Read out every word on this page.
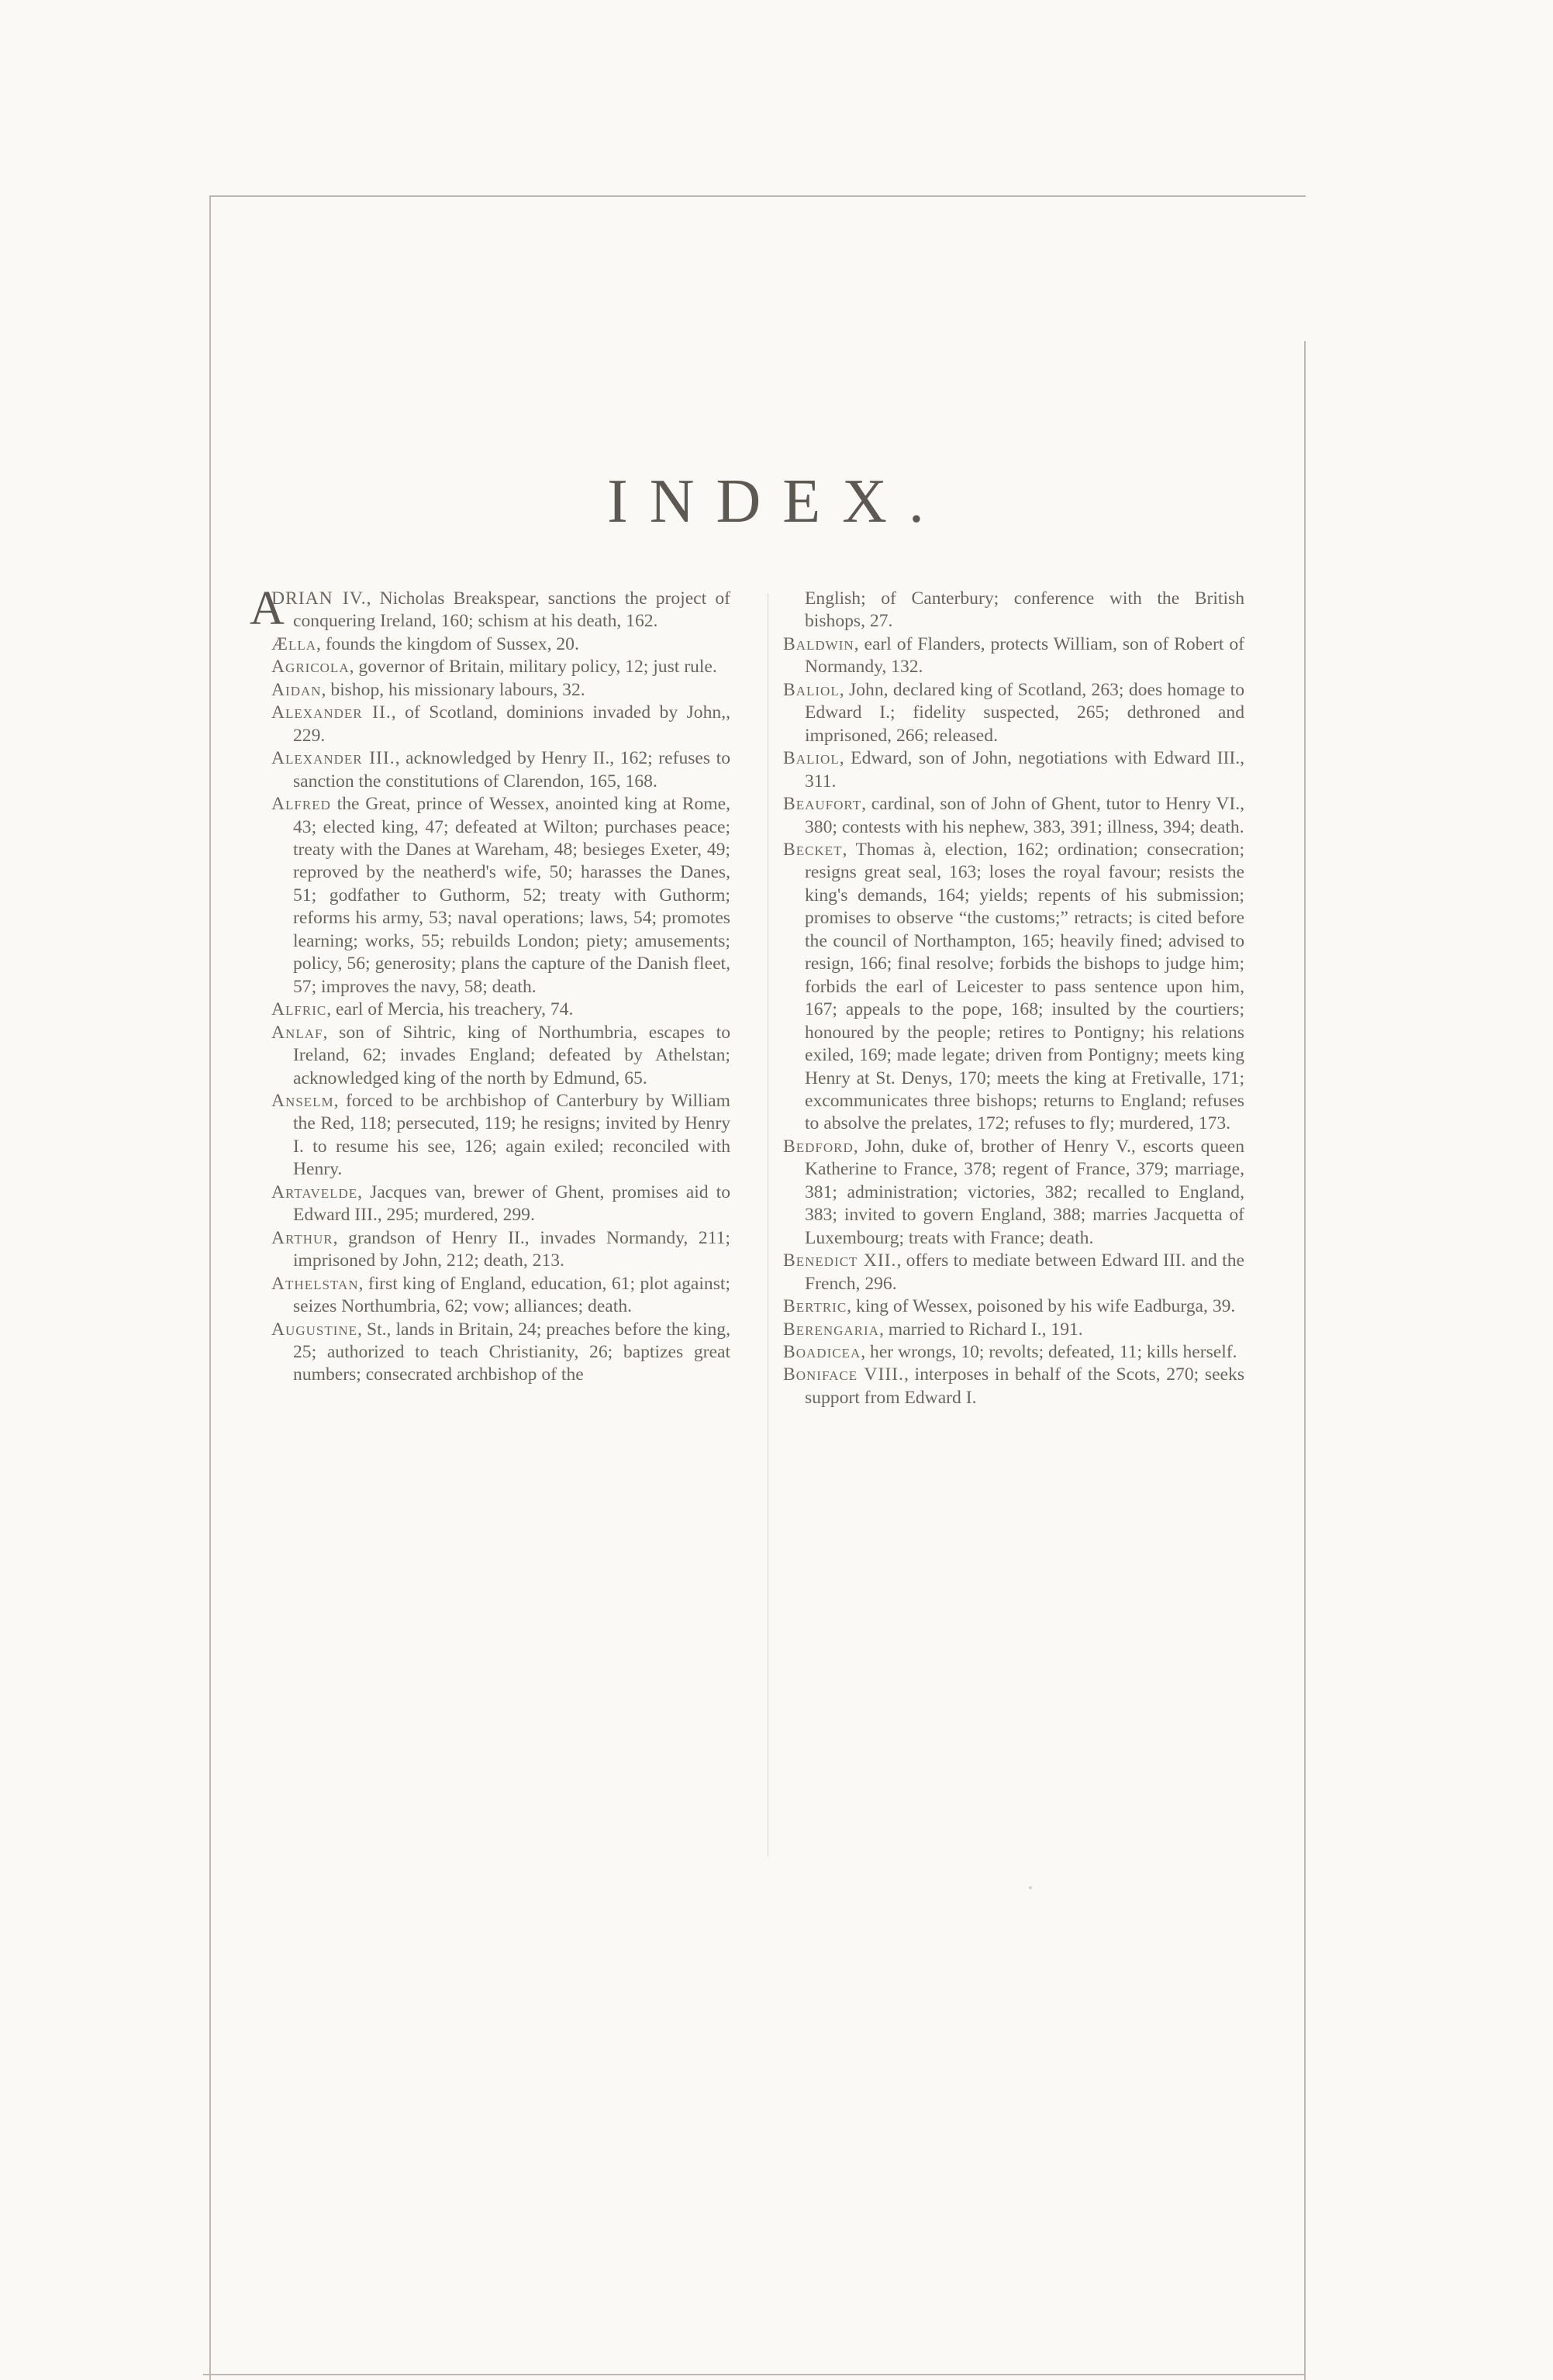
INDEX.
A
DRIAN IV., Nicholas Breakspear, sanctions the project of conquering Ireland, 160; schism at his death, 162.
Ælla, founds the kingdom of Sussex, 20.
Agricola, governor of Britain, military policy, 12; just rule.
Aidan, bishop, his missionary labours, 32.
Alexander II., of Scotland, dominions invaded by John,, 229.
Alexander III., acknowledged by Henry II., 162; refuses to sanction the constitutions of Clarendon, 165, 168.
Alfred the Great, prince of Wessex, anointed king at Rome, 43; elected king, 47; defeated at Wilton; purchases peace; treaty with the Danes at Wareham, 48; besieges Exeter, 49; reproved by the neatherd's wife, 50; harasses the Danes, 51; godfather to Guthorm, 52; treaty with Guthorm; reforms his army, 53; naval operations; laws, 54; promotes learning; works, 55; rebuilds London; piety; amusements; policy, 56; generosity; plans the capture of the Danish fleet, 57; improves the navy, 58; death.
Alfric, earl of Mercia, his treachery, 74.
Anlaf, son of Sihtric, king of Northumbria, escapes to Ireland, 62; invades England; defeated by Athelstan; acknowledged king of the north by Edmund, 65.
Anselm, forced to be archbishop of Canterbury by William the Red, 118; persecuted, 119; he resigns; invited by Henry I. to resume his see, 126; again exiled; reconciled with Henry.
Artavelde, Jacques van, brewer of Ghent, promises aid to Edward III., 295; murdered, 299.
Arthur, grandson of Henry II., invades Normandy, 211; imprisoned by John, 212; death, 213.
Athelstan, first king of England, education, 61; plot against; seizes Northumbria, 62; vow; alliances; death.
Augustine, St., lands in Britain, 24; preaches before the king, 25; authorized to teach Christianity, 26; baptizes great numbers; consecrated archbishop of the
English; of Canterbury; conference with the British bishops, 27.
Baldwin, earl of Flanders, protects William, son of Robert of Normandy, 132.
Baliol, John, declared king of Scotland, 263; does homage to Edward I.; fidelity suspected, 265; dethroned and imprisoned, 266; released.
Baliol, Edward, son of John, negotiations with Edward III., 311.
Beaufort, cardinal, son of John of Ghent, tutor to Henry VI., 380; contests with his nephew, 383, 391; illness, 394; death.
Becket, Thomas à, election, 162; ordination; consecration; resigns great seal, 163; loses the royal favour; resists the king's demands, 164; yields; repents of his submission; promises to observe “the customs;” retracts; is cited before the council of Northampton, 165; heavily fined; advised to resign, 166; final resolve; forbids the bishops to judge him; forbids the earl of Leicester to pass sentence upon him, 167; appeals to the pope, 168; insulted by the courtiers; honoured by the people; retires to Pontigny; his relations exiled, 169; made legate; driven from Pontigny; meets king Henry at St. Denys, 170; meets the king at Fretivalle, 171; excommunicates three bishops; returns to England; refuses to absolve the prelates, 172; refuses to fly; murdered, 173.
Bedford, John, duke of, brother of Henry V., escorts queen Katherine to France, 378; regent of France, 379; marriage, 381; administration; victories, 382; recalled to England, 383; invited to govern England, 388; marries Jacquetta of Luxembourg; treats with France; death.
Benedict XII., offers to mediate between Edward III. and the French, 296.
Bertric, king of Wessex, poisoned by his wife Eadburga, 39.
Berengaria, married to Richard I., 191.
Boadicea, her wrongs, 10; revolts; defeated, 11; kills herself.
Boniface VIII., interposes in behalf of the Scots, 270; seeks support from Edward I.
